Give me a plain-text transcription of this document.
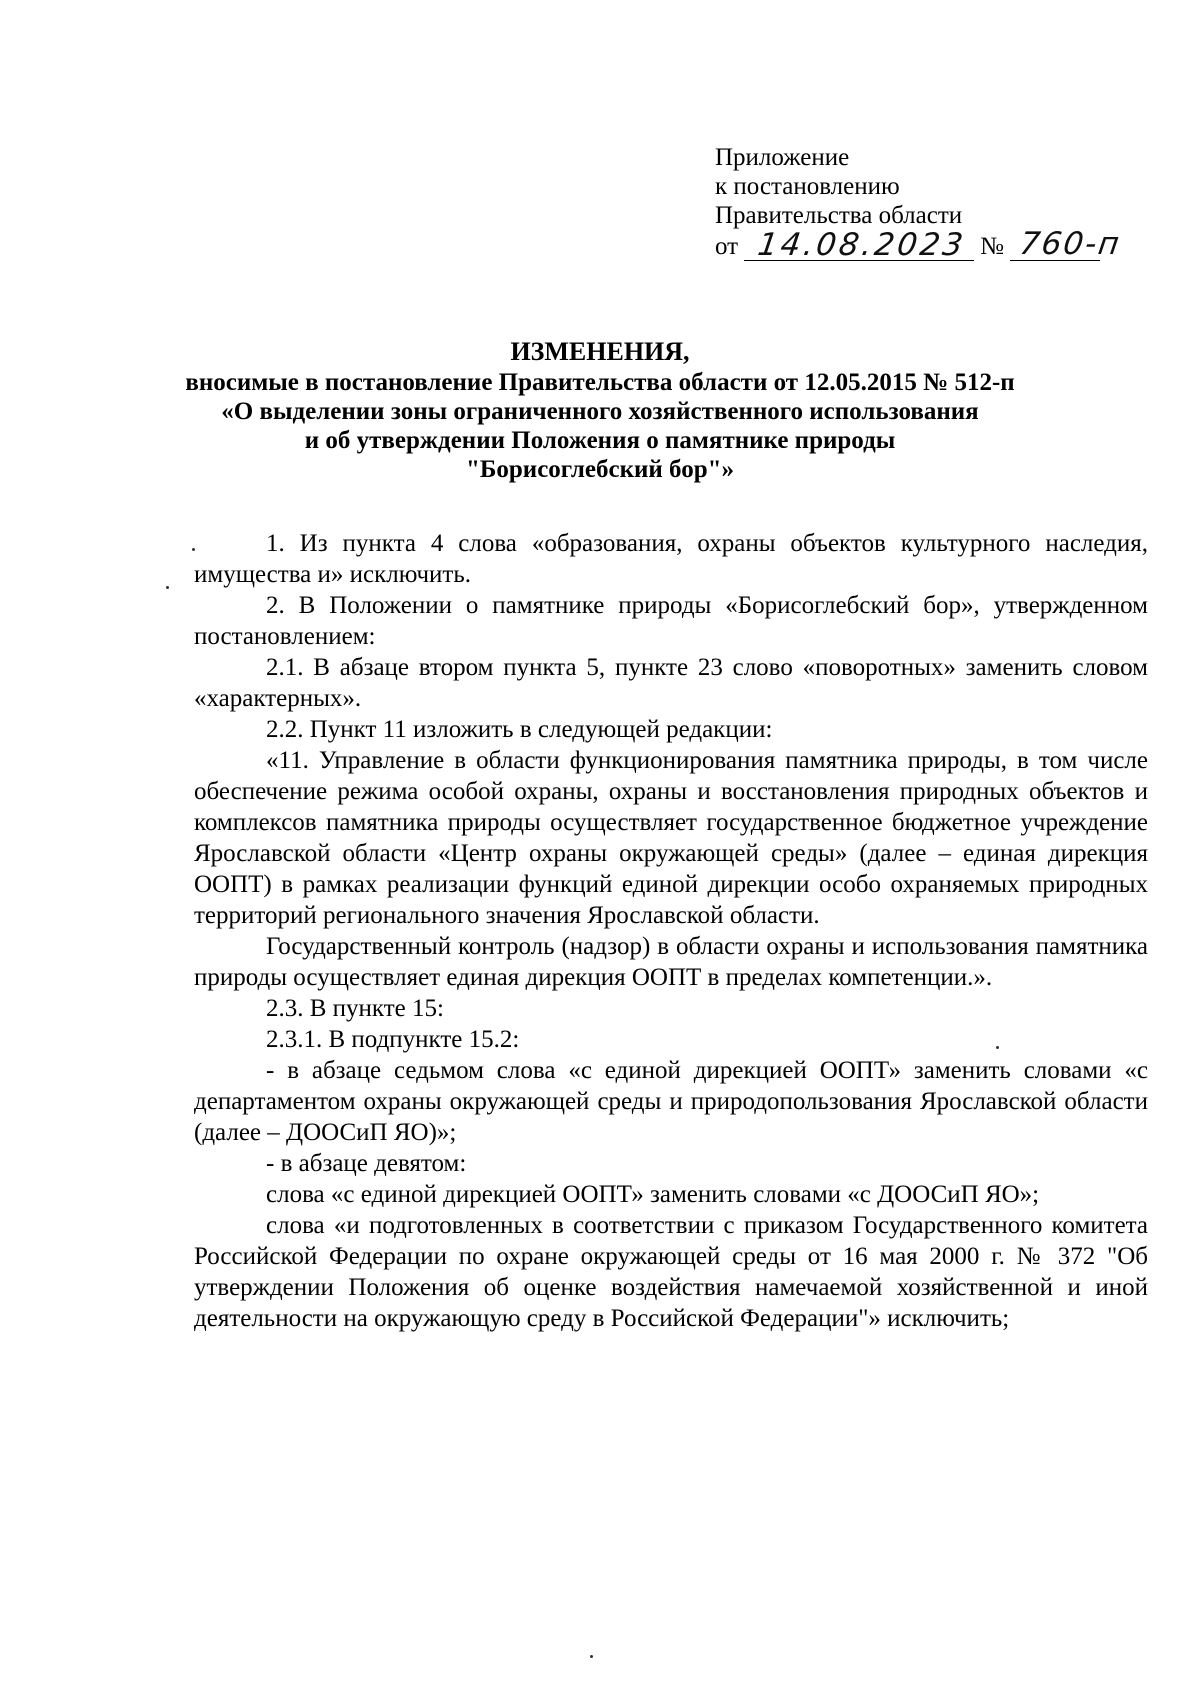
Приложение
к постановлению
Правительства области
от 14.08.2023 № 760-п
ИЗМЕНЕНИЯ,
вносимые в постановление Правительства области от 12.05.2015 № 512-п
«О выделении зоны ограниченного хозяйственного использования
и об утверждении Положения о памятнике природы
"Борисоглебский бор"»

1. Из пункта 4 слова «образования, охраны объектов культурного наследия, имущества и» исключить.

2. В Положении о памятнике природы «Борисоглебский бор», утвержденном постановлением:

2.1. В абзаце втором пункта 5, пункте 23 слово «поворотных» заменить словом «характерных».

2.2. Пункт 11 изложить в следующей редакции:

«11. Управление в области функционирования памятника природы, в том числе обеспечение режима особой охраны, охраны и восстановления природных объектов и комплексов памятника природы осуществляет государственное бюджетное учреждение Ярославской области «Центр охраны окружающей среды» (далее – единая дирекция ООПТ) в рамках реализации функций единой дирекции особо охраняемых природных территорий регионального значения Ярославской области.

Государственный контроль (надзор) в области охраны и использования памятника природы осуществляет единая дирекция ООПТ в пределах компетенции.».

2.3. В пункте 15:

2.3.1. В подпункте 15.2:

- в абзаце седьмом слова «с единой дирекцией ООПТ» заменить словами «с департаментом охраны окружающей среды и природопользования Ярославской области (далее – ДООСиП ЯО)»;

- в абзаце девятом:

слова «с единой дирекцией ООПТ» заменить словами «с ДООСиП ЯО»;

слова «и подготовленных в соответствии с приказом Государственного комитета Российской Федерации по охране окружающей среды от 16 мая 2000 г. № 372 "Об утверждении Положения об оценке воздействия намечаемой хозяйственной и иной деятельности на окружающую среду в Российской Федерации"» исключить;
